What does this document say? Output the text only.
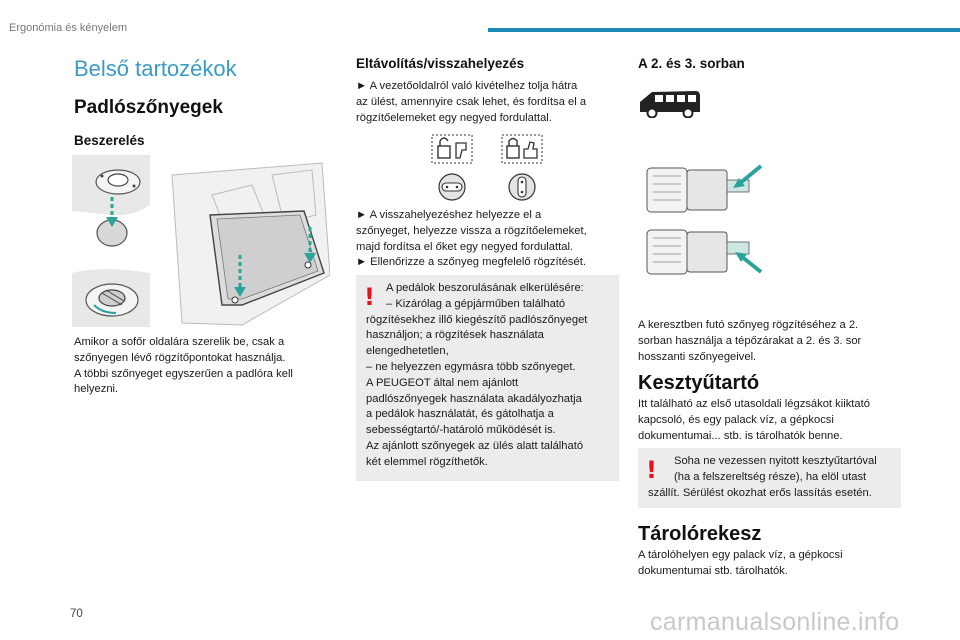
Ergonómia és kényelem
Belső tartozékok
Padlószőnyegek
Beszerelés
Amikor a sofőr oldalára szerelik be, csak a
szőnyegen lévő rögzítőpontokat használja.
A többi szőnyeget egyszerűen a padlóra kell
helyezni.
Eltávolítás/visszahelyezés
► A vezetőoldalról való kivételhez tolja hátra
az ülést, amennyire csak lehet, és fordítsa el a
rögzítőelemeket egy negyed fordulattal.
► A visszahelyezéshez helyezze el a
szőnyeget, helyezze vissza a rögzítőelemeket,
majd fordítsa el őket egy negyed fordulattal.
► Ellenőrizze a szőnyeg megfelelő rögzítését.
! A pedálok beszorulásának elkerülésére:
– Kizárólag a gépjárműben található
rögzítésekhez illő kiegészítő padlószőnyeget
használjon; a rögzítések használata
elengedhetetlen,
– ne helyezzen egymásra több szőnyeget.
A PEUGEOT által nem ajánlott
padlószőnyegek használata akadályozhatja
a pedálok használatát, és gátolhatja a
sebességtartó/-határoló működését is.
Az ajánlott szőnyegek az ülés alatt található
két elemmel rögzíthetők.
A 2. és 3. sorban
A keresztben futó szőnyeg rögzítéséhez a 2.
sorban használja a tépőzárakat a 2. és 3. sor
hosszanti szőnyegeivel.
Kesztyűtartó
Itt található az első utasoldali légzsákot kiiktató
kapcsoló, és egy palack víz, a gépkocsi
dokumentumai... stb. is tárolhatók benne.
!	Soha ne vezessen nyitott kesztyűtartóval
(ha a felszereltség része), ha elöl utast
szállít. Sérülést okozhat erős lassítás esetén.
Tárolórekesz
A tárolóhelyen egy palack víz, a gépkocsi
dokumentumai stb. tárolhatók.
70	carmanualsonline.info
